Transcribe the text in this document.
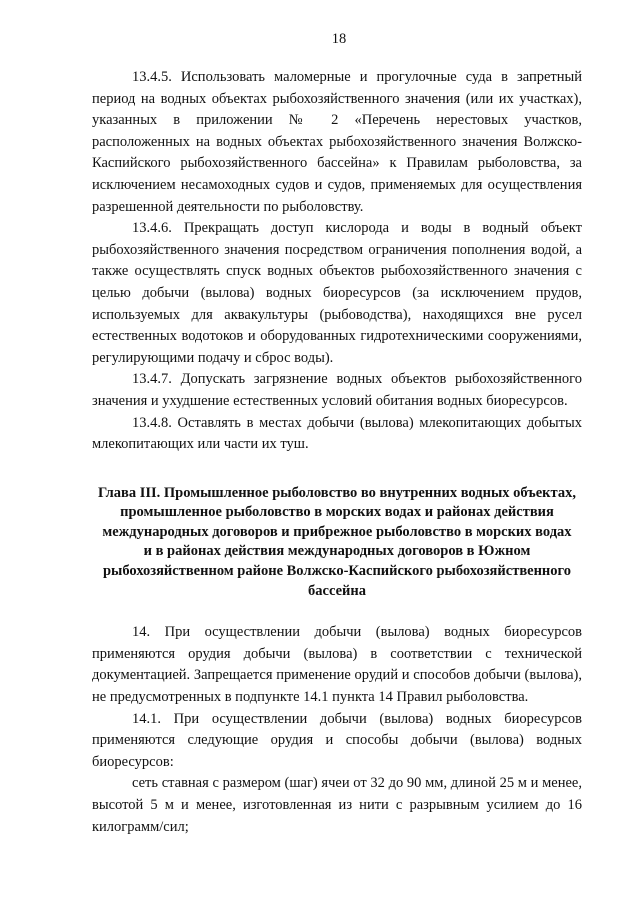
18

13.4.5. Использовать маломерные и прогулочные суда в запретный период на водных объектах рыбохозяйственного значения (или их участках), указанных в приложении № 2 «Перечень нерестовых участков, расположенных на водных объектах рыбохозяйственного значения Волжско-Каспийского рыбохозяйственного бассейна» к Правилам рыболовства, за исключением несамоходных судов и судов, применяемых для осуществления разрешенной деятельности по рыболовству.

13.4.6. Прекращать доступ кислорода и воды в водный объект рыбохозяйственного значения посредством ограничения пополнения водой, а также осуществлять спуск водных объектов рыбохозяйственного значения с целью добычи (вылова) водных биоресурсов (за исключением прудов, используемых для аквакультуры (рыбоводства), находящихся вне русел естественных водотоков и оборудованных гидротехническими сооружениями, регулирующими подачу и сброс воды).

13.4.7. Допускать загрязнение водных объектов рыбохозяйственного значения и ухудшение естественных условий обитания водных биоресурсов.

13.4.8. Оставлять в местах добычи (вылова) млекопитающих добытых млекопитающих или части их туш.

Глава III. Промышленное рыболовство во внутренних водных объектах, промышленное рыболовство в морских водах и районах действия международных договоров и прибрежное рыболовство в морских водах и в районах действия международных договоров в Южном рыбохозяйственном районе Волжско-Каспийского рыбохозяйственного бассейна

14. При осуществлении добычи (вылова) водных биоресурсов применяются орудия добычи (вылова) в соответствии с технической документацией. Запрещается применение орудий и способов добычи (вылова), не предусмотренных в подпункте 14.1 пункта 14 Правил рыболовства.

14.1. При осуществлении добычи (вылова) водных биоресурсов применяются следующие орудия и способы добычи (вылова) водных биоресурсов:

сеть ставная с размером (шаг) ячеи от 32 до 90 мм, длиной 25 м и менее, высотой 5 м и менее, изготовленная из нити с разрывным усилием до 16 килограмм/сил;
